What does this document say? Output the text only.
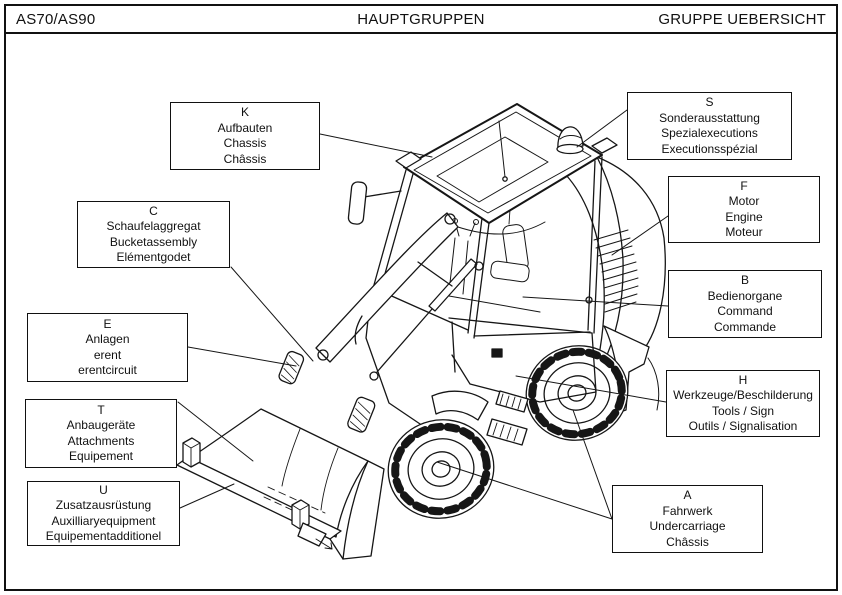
AS70/AS90	HAUPTGRUPPEN	GRUPPE UEBERSICHT
K
Aufbauten
Chassis
Châssis
C
Schaufelaggregat
Bucketassembly
Elémentgodet
E
Anlagen
erent
erentcircuit
T
Anbaugeräte
Attachments
Equipement
U
Zusatzausrüstung
Auxilliaryequipment
Equipementadditionel
S
Sonderausstattung
Spezialexecutions
Executionsspézial
F
Motor
Engine
Moteur
B
Bedienorgane
Command
Commande
H
Werkzeuge/Beschilderung
Tools / Sign
Outils / Signalisation
A
Fahrwerk
Undercarriage
Châssis
